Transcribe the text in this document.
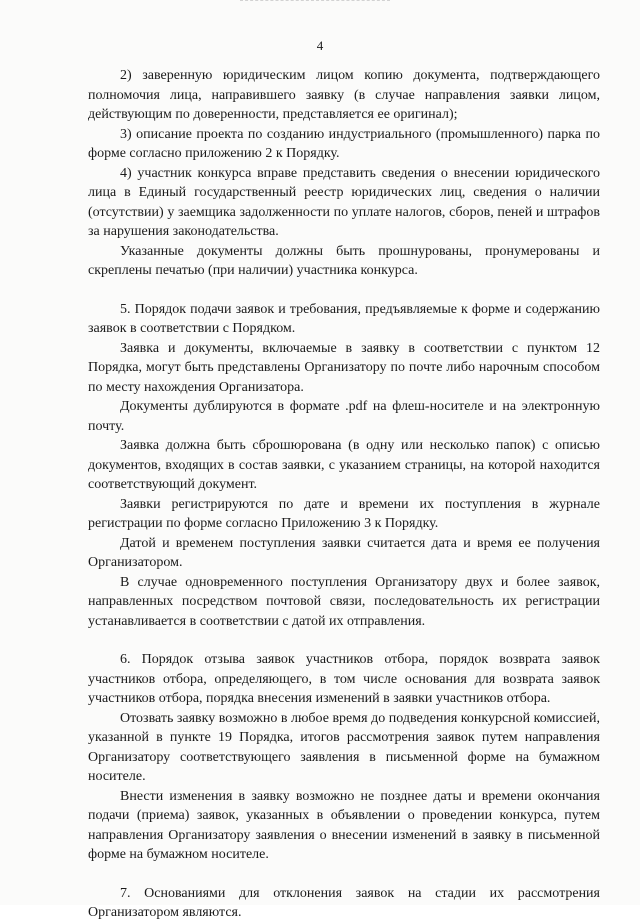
4

2) заверенную юридическим лицом копию документа, подтверждающего полномочия лица, направившего заявку (в случае направления заявки лицом, действующим по доверенности, представляется ее оригинал);

3) описание проекта по созданию индустриального (промышленного) парка по форме согласно приложению 2 к Порядку.

4) участник конкурса вправе представить сведения о внесении юридического лица в Единый государственный реестр юридических лиц, сведения о наличии (отсутствии) у заемщика задолженности по уплате налогов, сборов, пеней и штрафов за нарушения законодательства.

Указанные документы должны быть прошнурованы, пронумерованы и скреплены печатью (при наличии) участника конкурса.

5. Порядок подачи заявок и требования, предъявляемые к форме и содержанию заявок в соответствии с Порядком.

Заявка и документы, включаемые в заявку в соответствии с пунктом 12 Порядка, могут быть представлены Организатору по почте либо нарочным способом по месту нахождения Организатора.

Документы дублируются в формате .pdf на флеш-носителе и на электронную почту.

Заявка должна быть сброшюрована (в одну или несколько папок) с описью документов, входящих в состав заявки, с указанием страницы, на которой находится соответствующий документ.

Заявки регистрируются по дате и времени их поступления в журнале регистрации по форме согласно Приложению 3 к Порядку.

Датой и временем поступления заявки считается дата и время ее получения Организатором.

В случае одновременного поступления Организатору двух и более заявок, направленных посредством почтовой связи, последовательность их регистрации устанавливается в соответствии с датой их отправления.

6. Порядок отзыва заявок участников отбора, порядок возврата заявок участников отбора, определяющего, в том числе основания для возврата заявок участников отбора, порядка внесения изменений в заявки участников отбора.

Отозвать заявку возможно в любое время до подведения конкурсной комиссией, указанной в пункте 19 Порядка, итогов рассмотрения заявок путем направления Организатору соответствующего заявления в письменной форме на бумажном носителе.

Внести изменения в заявку возможно не позднее даты и времени окончания подачи (приема) заявок, указанных в объявлении о проведении конкурса, путем направления Организатору заявления о внесении изменений в заявку в письменной форме на бумажном носителе.

7. Основаниями для отклонения заявок на стадии их рассмотрения Организатором являются.
